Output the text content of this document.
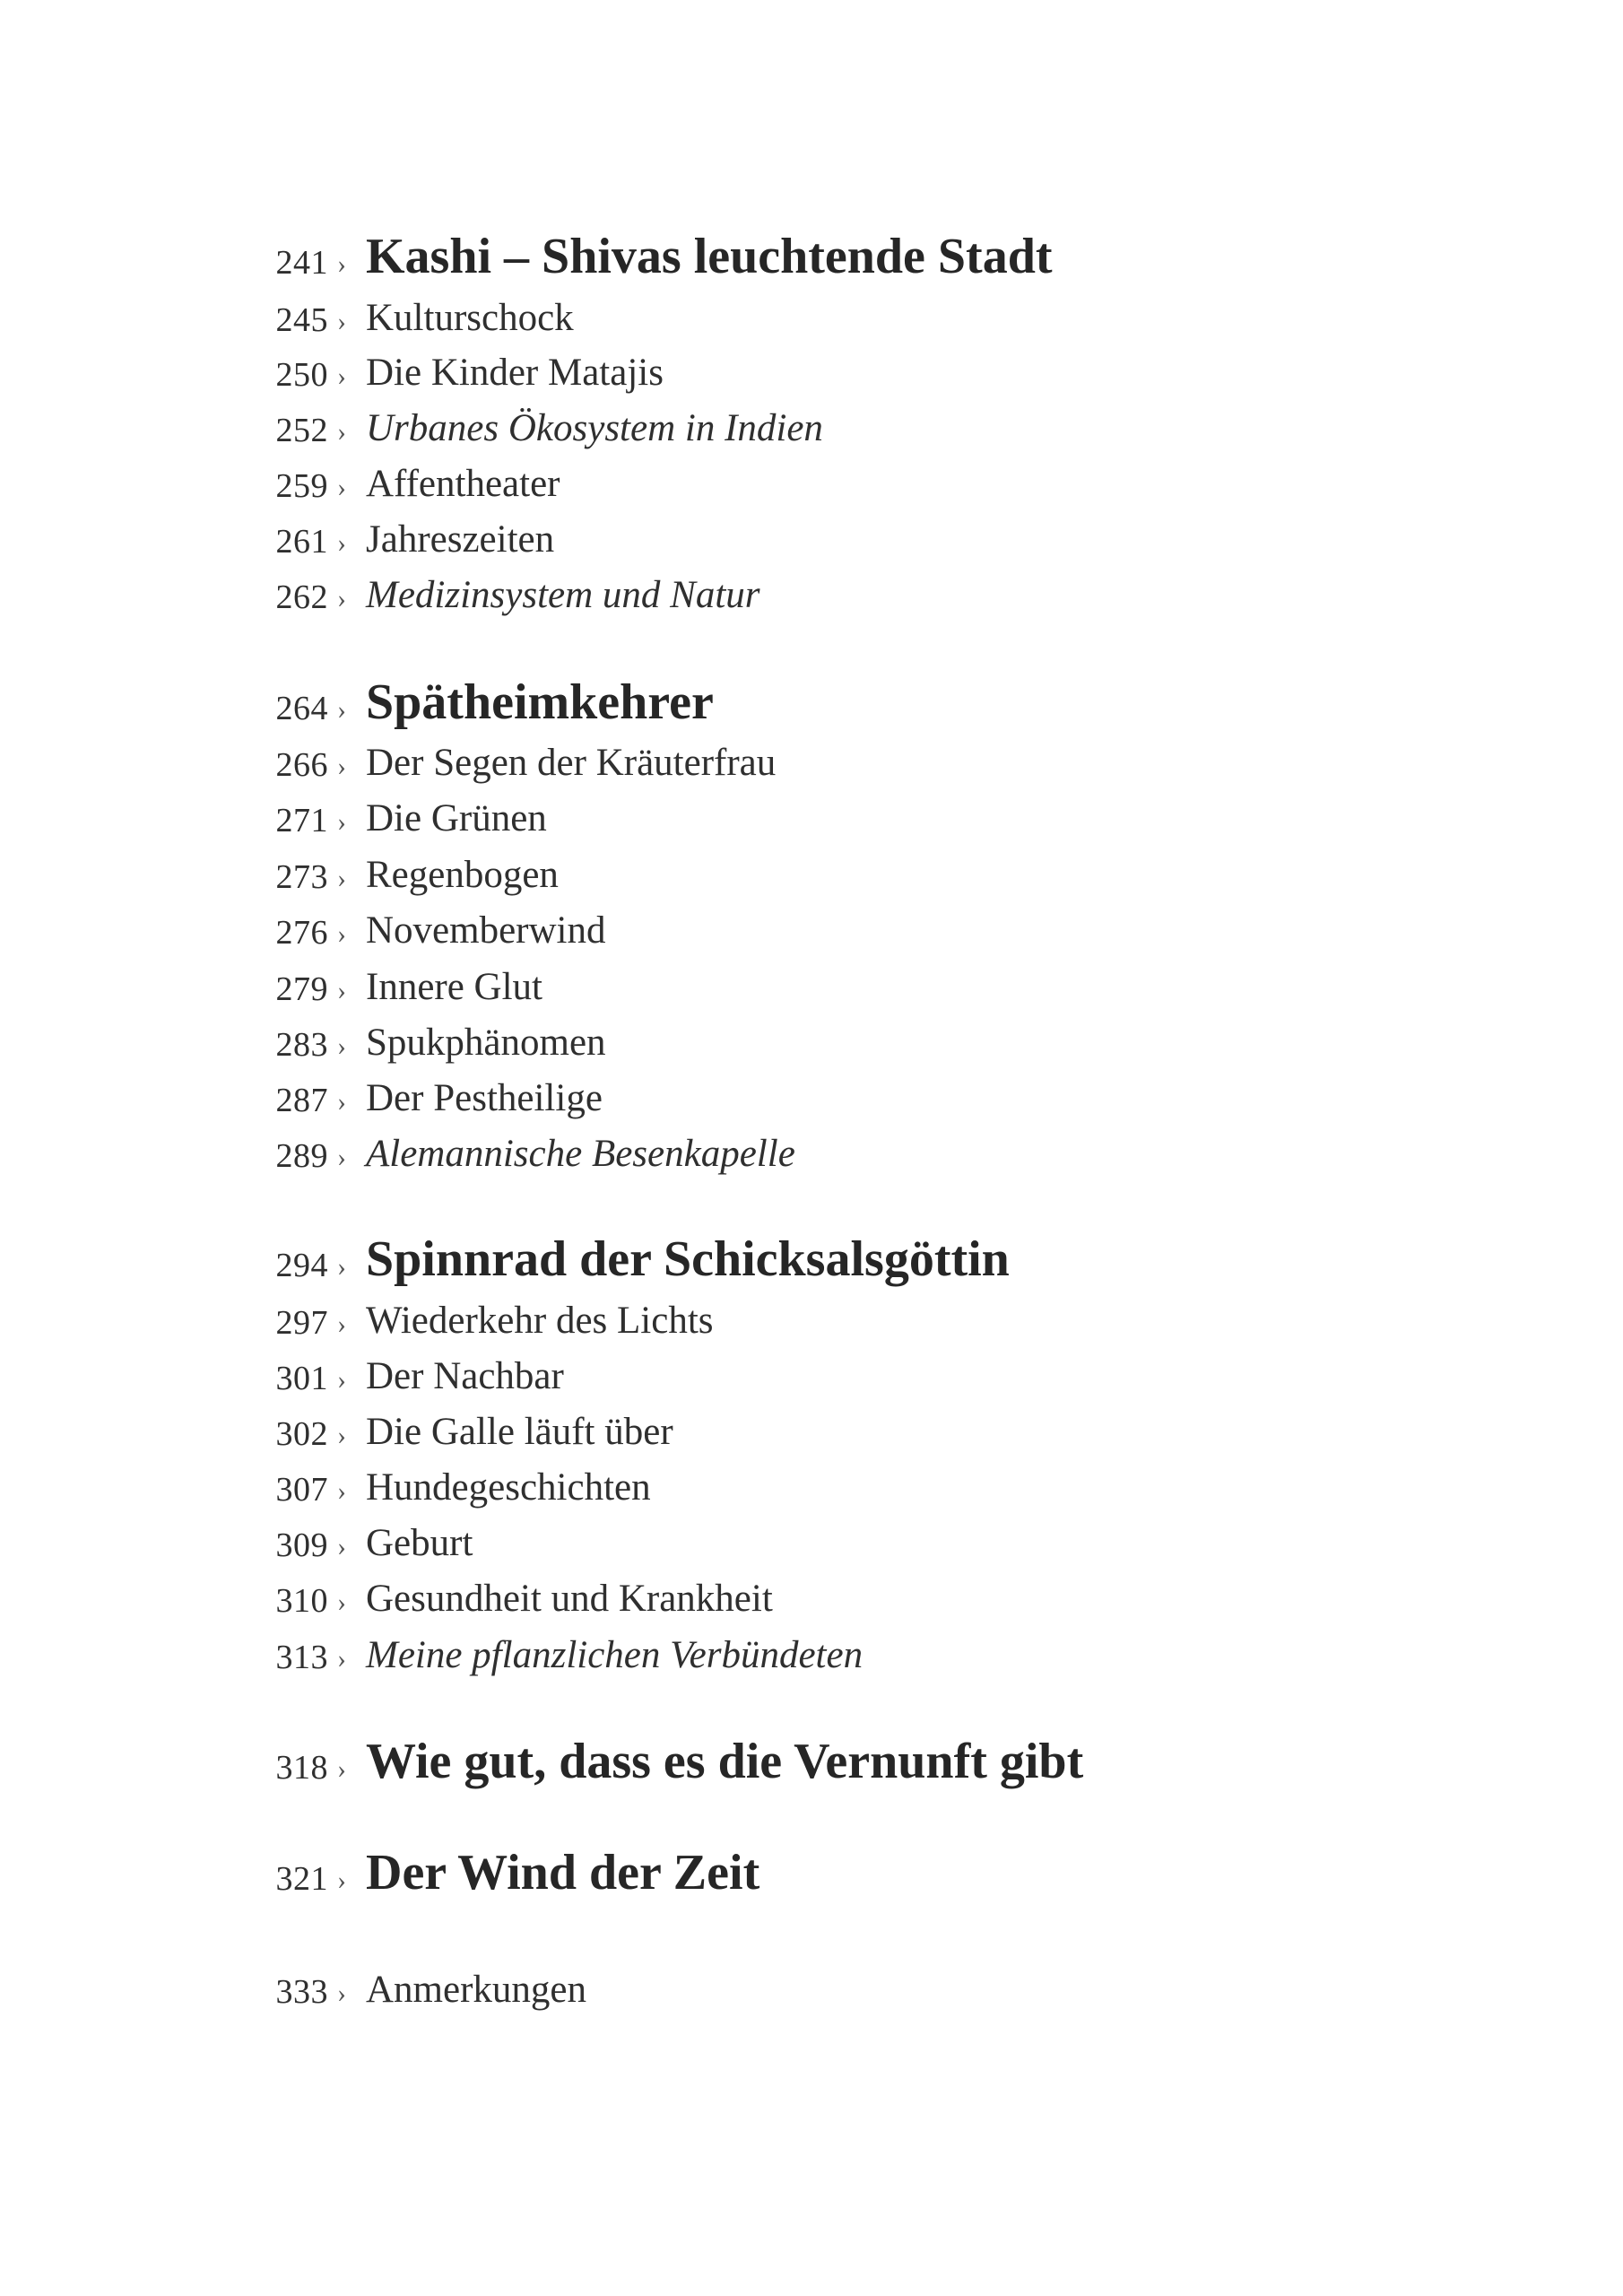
241 › Kashi – Shivas leuchtende Stadt
245 › Kulturschock
250 › Die Kinder Matajis
252 › Urbanes Ökosystem in Indien
259 › Affentheater
261 › Jahreszeiten
262 › Medizinsystem und Natur
264 › Spätheimkehrer
266 › Der Segen der Kräuterfrau
271 › Die Grünen
273 › Regenbogen
276 › Novemberwind
279 › Innere Glut
283 › Spukphänomen
287 › Der Pestheilige
289 › Alemannische Besenkapelle
294 › Spinnrad der Schicksalsgöttin
297 › Wiederkehr des Lichts
301 › Der Nachbar
302 › Die Galle läuft über
307 › Hundegeschichten
309 › Geburt
310 › Gesundheit und Krankheit
313 › Meine pflanzlichen Verbündeten
318 › Wie gut, dass es die Vernunft gibt
321 › Der Wind der Zeit
333 › Anmerkungen
